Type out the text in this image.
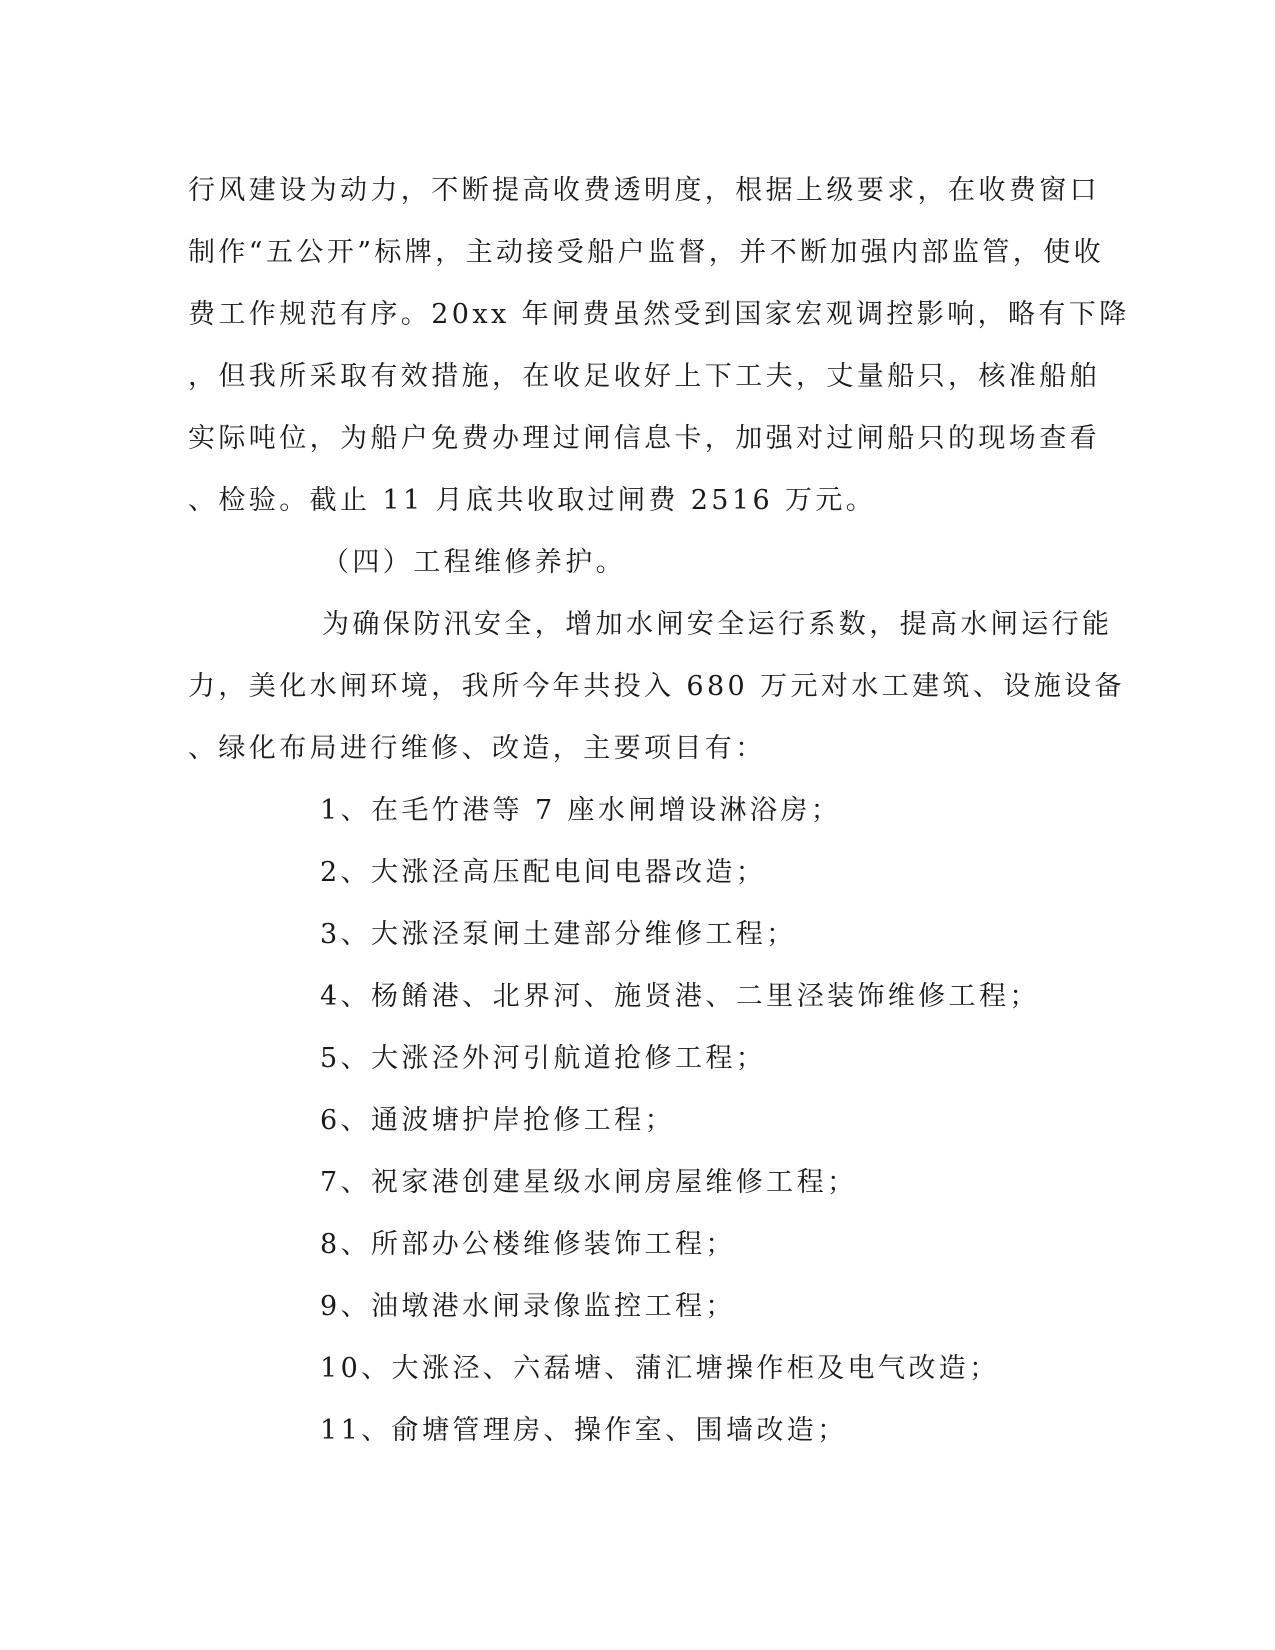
行风建设为动力，不断提高收费透明度，根据上级要求，在收费窗口
制作“五公开”标牌，主动接受船户监督，并不断加强内部监管，使收
费工作规范有序。20xx 年闸费虽然受到国家宏观调控影响，略有下降
，但我所采取有效措施，在收足收好上下工夫，丈量船只，核准船舶
实际吨位，为船户免费办理过闸信息卡，加强对过闸船只的现场查看
、检验。截止 11 月底共收取过闸费 2516 万元。
（四）工程维修养护。
为确保防汛安全，增加水闸安全运行系数，提高水闸运行能
力，美化水闸环境，我所今年共投入 680 万元对水工建筑、设施设备
、绿化布局进行维修、改造，主要项目有：
1、在毛竹港等 7 座水闸增设淋浴房；
2、大涨泾高压配电间电器改造；
3、大涨泾泵闸土建部分维修工程；
4、杨餚港、北界河、施贤港、二里泾装饰维修工程；
5、大涨泾外河引航道抢修工程；
6、通波塘护岸抢修工程；
7、祝家港创建星级水闸房屋维修工程；
8、所部办公楼维修装饰工程；
9、油墩港水闸录像监控工程；
10、大涨泾、六磊塘、蒲汇塘操作柜及电气改造；
11、俞塘管理房、操作室、围墙改造；
